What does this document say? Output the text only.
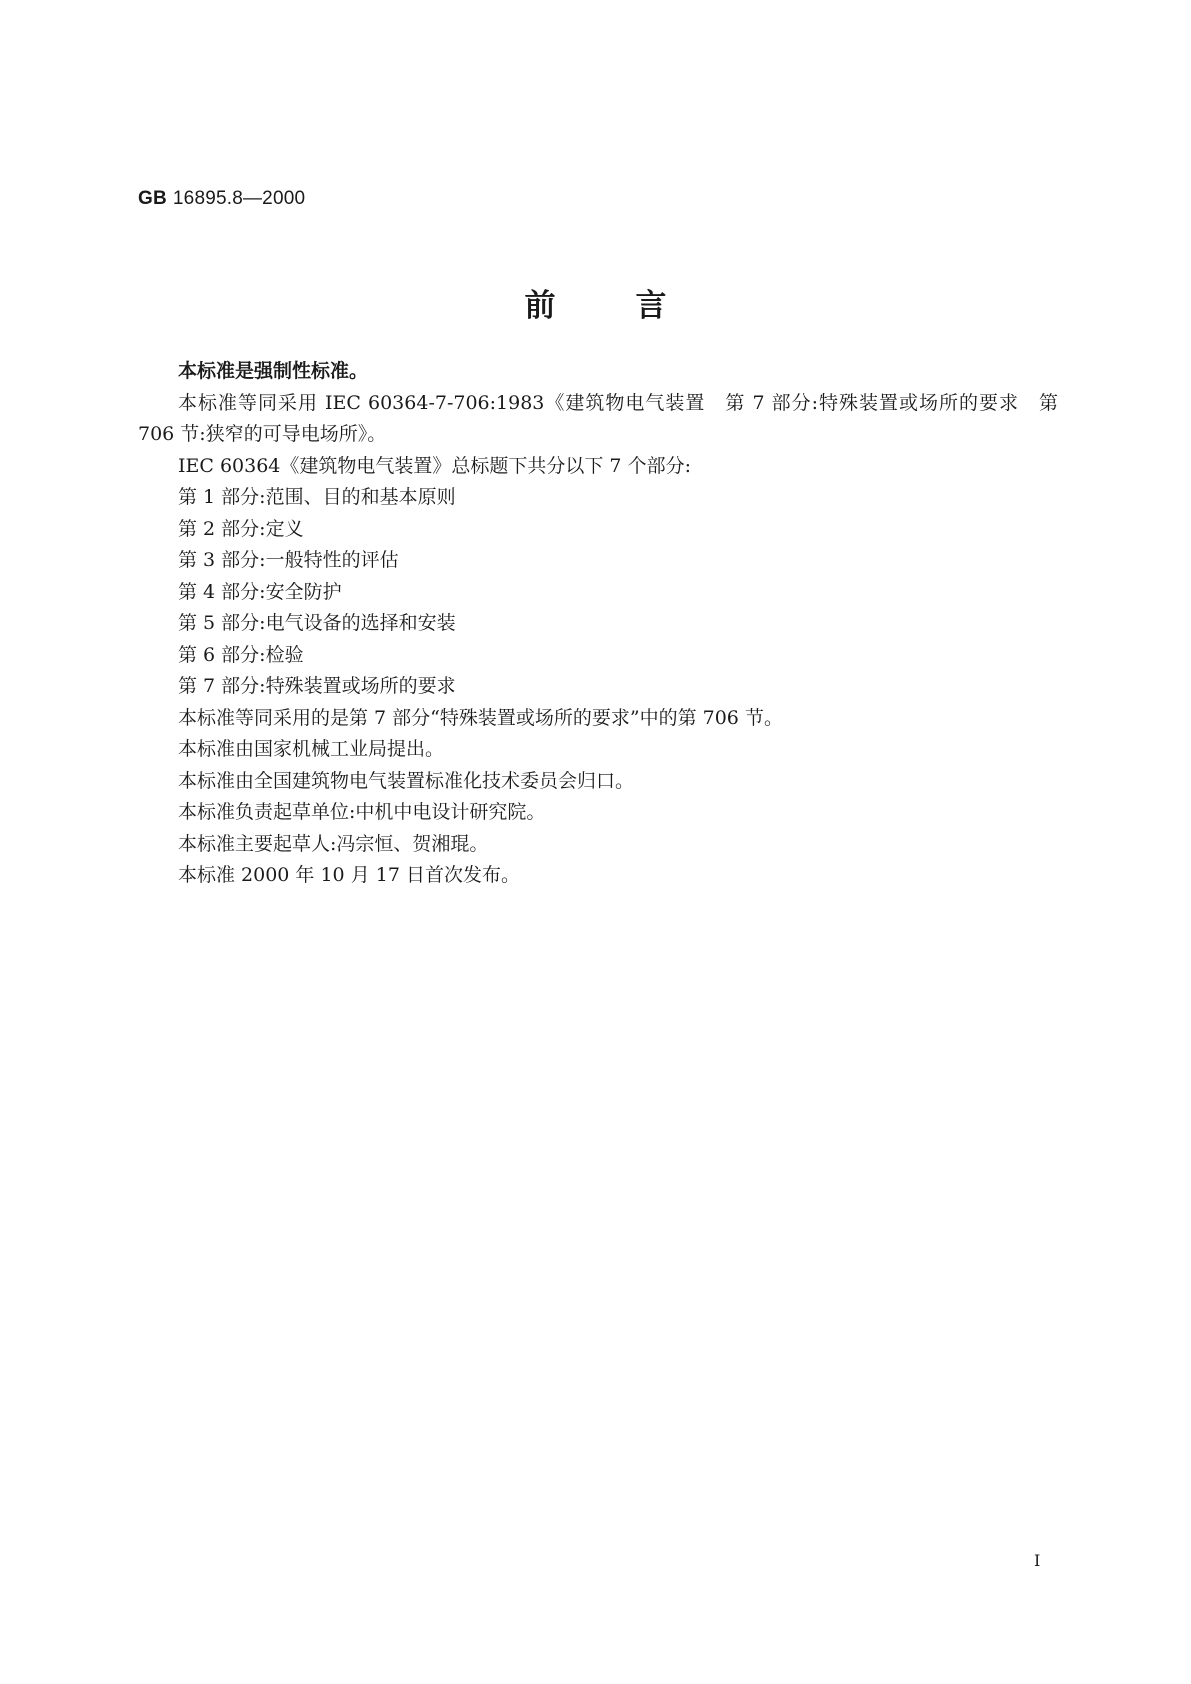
GB 16895.8—2000
前言

本标准是强制性标准。

本标准等同采用 IEC 60364-7-706:1983《建筑物电气装置　第 7 部分:特殊装置或场所的要求　第 706 节:狭窄的可导电场所》。

IEC 60364《建筑物电气装置》总标题下共分以下 7 个部分:

第 1 部分:范围、目的和基本原则

第 2 部分:定义

第 3 部分:一般特性的评估

第 4 部分:安全防护

第 5 部分:电气设备的选择和安装

第 6 部分:检验

第 7 部分:特殊装置或场所的要求

本标准等同采用的是第 7 部分“特殊装置或场所的要求”中的第 706 节。

本标准由国家机械工业局提出。

本标准由全国建筑物电气装置标准化技术委员会归口。

本标准负责起草单位:中机中电设计研究院。

本标准主要起草人:冯宗恒、贺湘琨。

本标准 2000 年 10 月 17 日首次发布。

I
